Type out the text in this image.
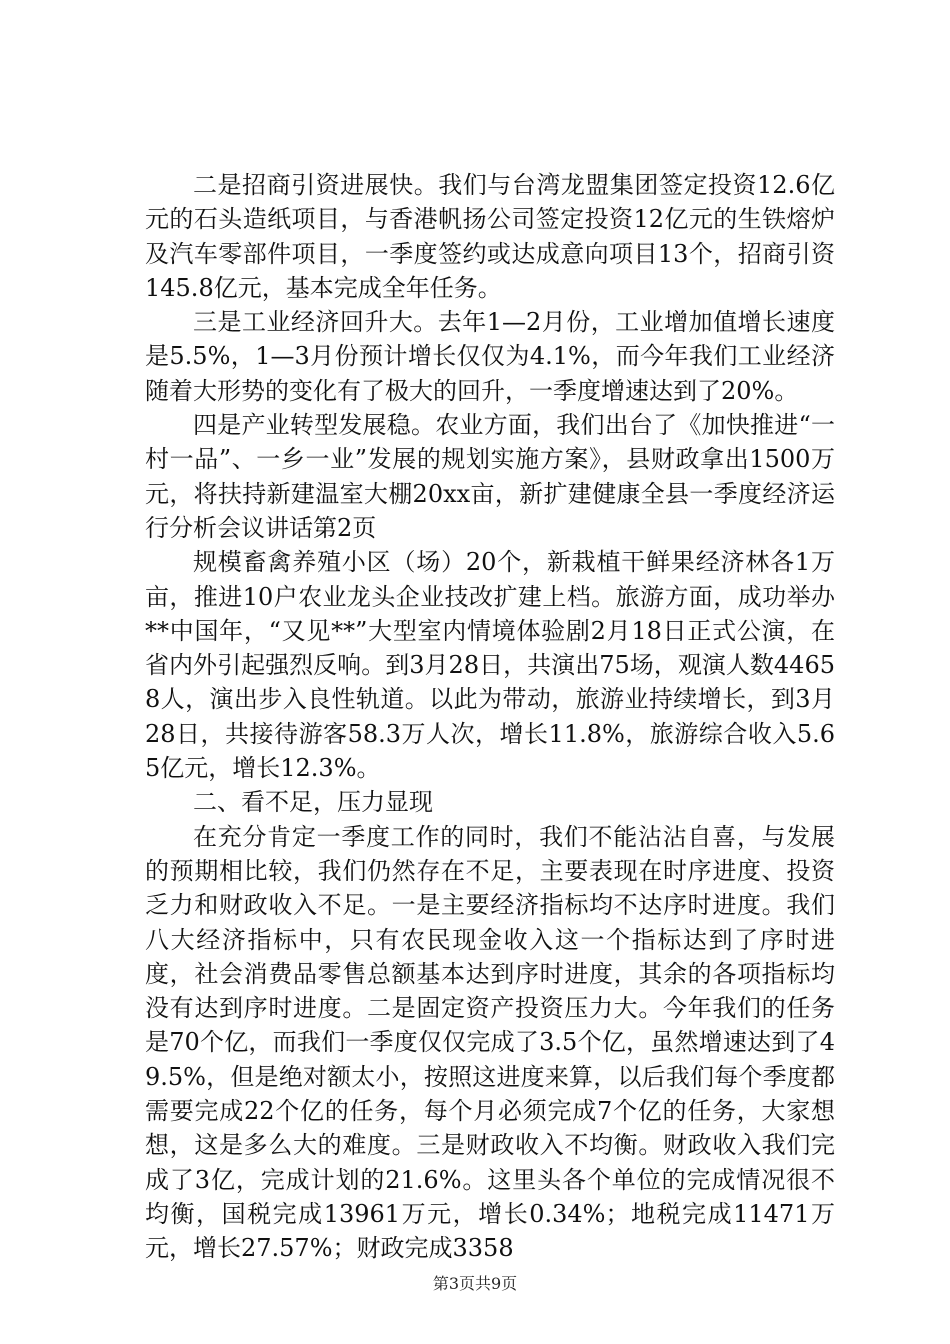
二是招商引资进展快。我们与台湾龙盟集团签定投资12.6亿元的石头造纸项目，与香港帆扬公司签定投资12亿元的生铁熔炉及汽车零部件项目，一季度签约或达成意向项目13个，招商引资145.8亿元，基本完成全年任务。

三是工业经济回升大。去年1—2月份，工业增加值增长速度是5.5%，1—3月份预计增长仅仅为4.1%，而今年我们工业经济随着大形势的变化有了极大的回升，一季度增速达到了20%。

四是产业转型发展稳。农业方面，我们出台了《加快推进“一村一品”、一乡一业”发展的规划实施方案》，县财政拿出1500万元，将扶持新建温室大棚20xx亩，新扩建健康全县一季度经济运行分析会议讲话第2页

规模畜禽养殖小区（场）20个，新栽植干鲜果经济林各1万亩，推进10户农业龙头企业技改扩建上档。旅游方面，成功举办**中国年，“又见**”大型室内情境体验剧2月18日正式公演，在省内外引起强烈反响。到3月28日，共演出75场，观演人数44658人，演出步入良性轨道。以此为带动，旅游业持续增长，到3月28日，共接待游客58.3万人次，增长11.8%，旅游综合收入5.65亿元，增长12.3%。

二、看不足，压力显现

在充分肯定一季度工作的同时，我们不能沾沾自喜，与发展的预期相比较，我们仍然存在不足，主要表现在时序进度、投资乏力和财政收入不足。一是主要经济指标均不达序时进度。我们八大经济指标中，只有农民现金收入这一个指标达到了序时进度，社会消费品零售总额基本达到序时进度，其余的各项指标均没有达到序时进度。二是固定资产投资压力大。今年我们的任务是70个亿，而我们一季度仅仅完成了3.5个亿，虽然增速达到了49.5%，但是绝对额太小，按照这进度来算，以后我们每个季度都需要完成22个亿的任务，每个月必须完成7个亿的任务，大家想想，这是多么大的难度。三是财政收入不均衡。财政收入我们完成了3亿，完成计划的21.6%。这里头各个单位的完成情况很不均衡，国税完成13961万元，增长0.34%；地税完成11471万元，增长27.57%；财政完成3358

第3页共9页
